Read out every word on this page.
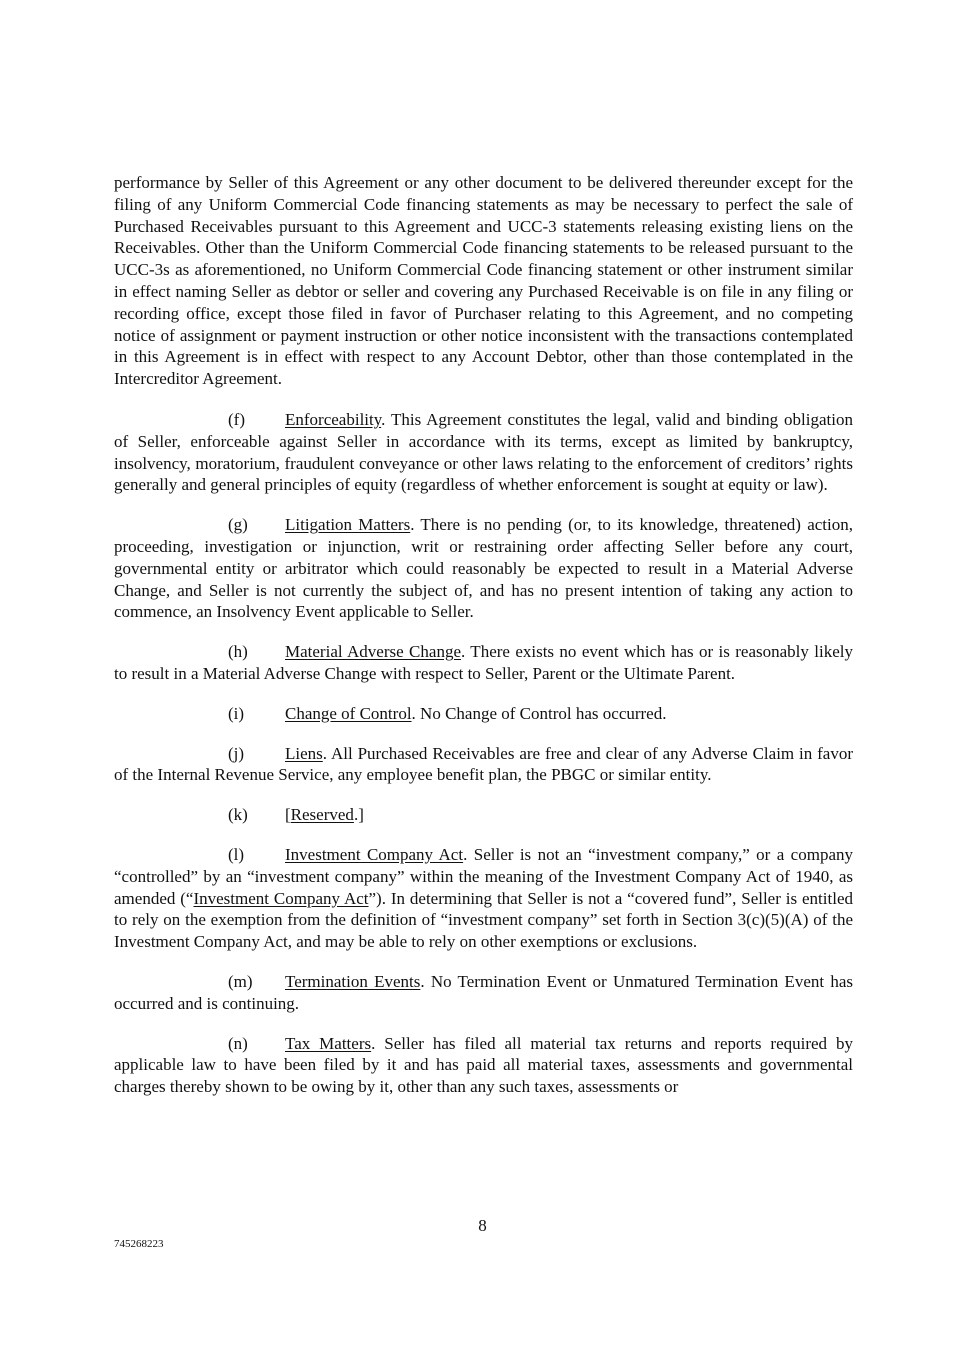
performance by Seller of this Agreement or any other document to be delivered thereunder except for the filing of any Uniform Commercial Code financing statements as may be necessary to perfect the sale of Purchased Receivables pursuant to this Agreement and UCC-3 statements releasing existing liens on the Receivables. Other than the Uniform Commercial Code financing statements to be released pursuant to the UCC-3s as aforementioned, no Uniform Commercial Code financing statement or other instrument similar in effect naming Seller as debtor or seller and covering any Purchased Receivable is on file in any filing or recording office, except those filed in favor of Purchaser relating to this Agreement, and no competing notice of assignment or payment instruction or other notice inconsistent with the transactions contemplated in this Agreement is in effect with respect to any Account Debtor, other than those contemplated in the Intercreditor Agreement.

(f) Enforceability. This Agreement constitutes the legal, valid and binding obligation of Seller, enforceable against Seller in accordance with its terms, except as limited by bankruptcy, insolvency, moratorium, fraudulent conveyance or other laws relating to the enforcement of creditors’ rights generally and general principles of equity (regardless of whether enforcement is sought at equity or law).

(g) Litigation Matters. There is no pending (or, to its knowledge, threatened) action, proceeding, investigation or injunction, writ or restraining order affecting Seller before any court, governmental entity or arbitrator which could reasonably be expected to result in a Material Adverse Change, and Seller is not currently the subject of, and has no present intention of taking any action to commence, an Insolvency Event applicable to Seller.

(h) Material Adverse Change. There exists no event which has or is reasonably likely to result in a Material Adverse Change with respect to Seller, Parent or the Ultimate Parent.

(i) Change of Control. No Change of Control has occurred.

(j) Liens. All Purchased Receivables are free and clear of any Adverse Claim in favor of the Internal Revenue Service, any employee benefit plan, the PBGC or similar entity.

(k) [Reserved.]

(l) Investment Company Act. Seller is not an “investment company,” or a company “controlled” by an “investment company” within the meaning of the Investment Company Act of 1940, as amended (“Investment Company Act”). In determining that Seller is not a “covered fund”, Seller is entitled to rely on the exemption from the definition of “investment company” set forth in Section 3(c)(5)(A) of the Investment Company Act, and may be able to rely on other exemptions or exclusions.

(m) Termination Events. No Termination Event or Unmatured Termination Event has occurred and is continuing.

(n) Tax Matters. Seller has filed all material tax returns and reports required by applicable law to have been filed by it and has paid all material taxes, assessments and governmental charges thereby shown to be owing by it, other than any such taxes, assessments or

8
745268223
